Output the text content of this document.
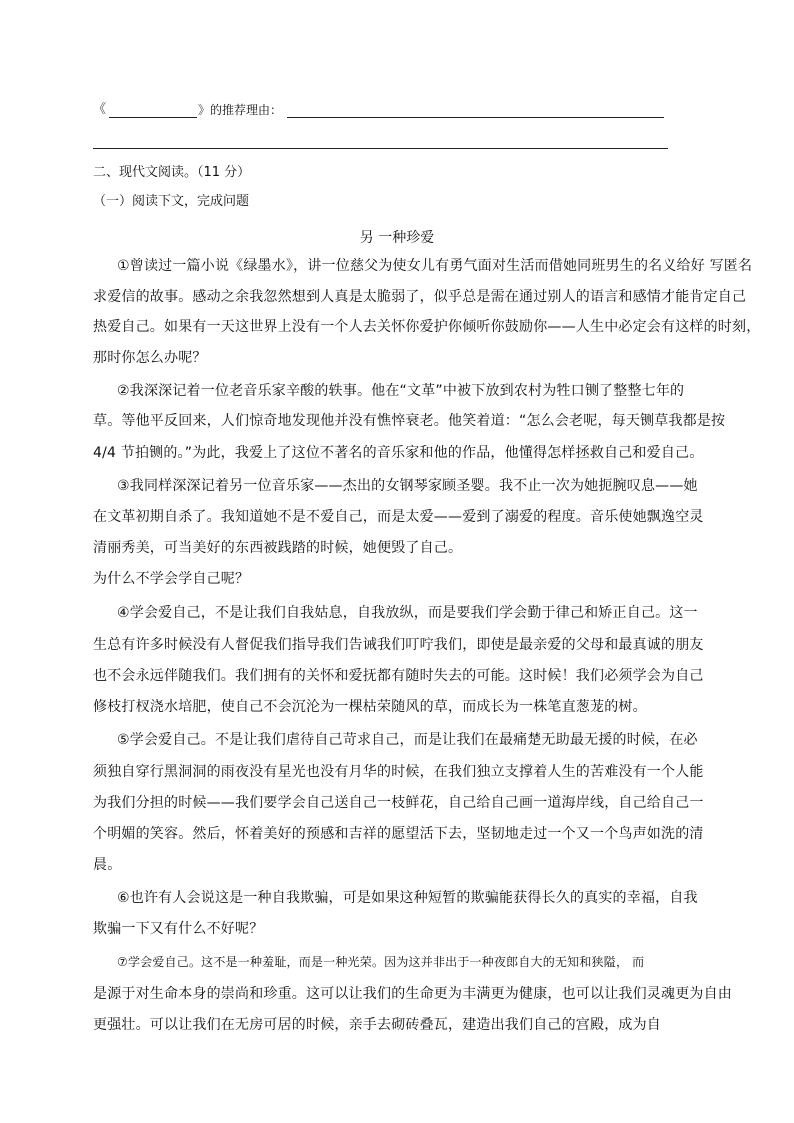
《	》的推荐理由：
二、现代文阅读。（11 分）
（一）阅读下文，完成问题
另 一种珍爱
①曾读过一篇小说《绿墨水》，讲一位慈父为使女儿有勇气面对生活而借她同班男生的名义给好 写匿名
求爱信的故事。感动之余我忽然想到人真是太脆弱了，似乎总是需在通过别人的语言和感情才能肯定自己
热爱自己。如果有一天这世界上没有一个人去关怀你爱护你倾听你鼓励你——人生中必定会有这样的时刻，
那时你怎么办呢？
②我深深记着一位老音乐家辛酸的轶事。他在“文革”中被下放到农村为牲口铡了整整七年的
草。等他平反回来，人们惊奇地发现他并没有憔悴衰老。他笑着道：“怎么会老呢，每天铡草我都是按
4/4 节拍铡的。”为此，我爱上了这位不著名的音乐家和他的作品，他懂得怎样拯救自己和爱自己。
③我同样深深记着另一位音乐家——杰出的女钢琴家顾圣婴。我不止一次为她扼腕叹息——她
在文革初期自杀了。我知道她不是不爱自己，而是太爱——爱到了溺爱的程度。音乐使她飘逸空灵
清丽秀美，可当美好的东西被践踏的时候，她便毁了自己。
为什么不学会学自己呢？
④学会爱自己，不是让我们自我姑息，自我放纵，而是要我们学会勤于律己和矫正自己。这一
生总有许多时候没有人督促我们指导我们告诫我们叮咛我们，即使是最亲爱的父母和最真诚的朋友
也不会永远伴随我们。我们拥有的关怀和爱抚都有随时失去的可能。这时候！我们必须学会为自己
修枝打杈浇水培肥，使自己不会沉沦为一棵枯荣随风的草，而成长为一株笔直葱茏的树。
⑤学会爱自己。不是让我们虐待自己苛求自己，而是让我们在最痛楚无助最无援的时候，在必
须独自穿行黑洞洞的雨夜没有星光也没有月华的时候，在我们独立支撑着人生的苦难没有一个人能
为我们分担的时候——我们要学会自己送自己一枝鲜花，自己给自己画一道海岸线，自己给自己一
个明媚的笑容。然后，怀着美好的预感和吉祥的愿望活下去，坚韧地走过一个又一个鸟声如洗的清
晨。
⑥也许有人会说这是一种自我欺骗，可是如果这种短暂的欺骗能获得长久的真实的幸福，自我
欺骗一下又有什么不好呢？
⑦学会爱自己。这不是一种羞耻，而是一种光荣。因为这并非出于一种夜郎自大的无知和狭隘， 而
是源于对生命本身的崇尚和珍重。这可以让我们的生命更为丰满更为健康，也可以让我们灵魂更为自由
更强壮。可以让我们在无房可居的时候，亲手去砌砖叠瓦，建造出我们自己的宫殿，成为自
